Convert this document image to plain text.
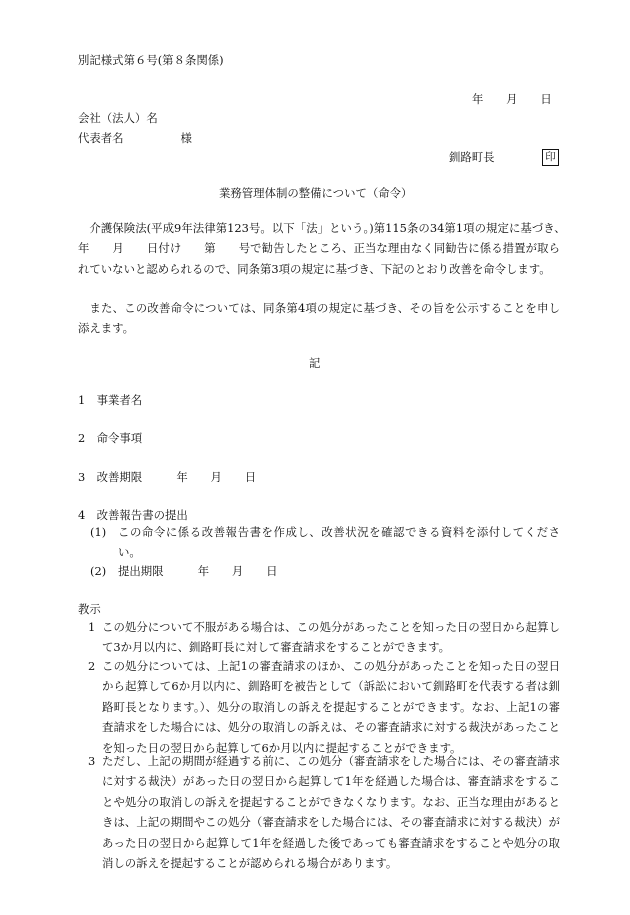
別記様式第６号(第８条関係)
年　　月　　日
会社（法人）名
代表者名　　　　　様
釧路町長	印
業務管理体制の整備について（命令）
介護保険法(平成9年法律第123号。以下「法」という。)第115条の34第1項の規定に基づき、　　年　　月　　日付け　　第　　号で勧告したところ、正当な理由なく同勧告に係る措置が取られていないと認められるので、同条第3項の規定に基づき、下記のとおり改善を命令します。
また、この改善命令については、同条第4項の規定に基づき、その旨を公示することを申し添えます。
記
1　事業者名
2　命令事項
3　改善期限　　　年　　月　　日
4　改善報告書の提出
(1) この命令に係る改善報告書を作成し、改善状況を確認できる資料を添付してください。
(2) 提出期限　　　年　　月　　日
教示
1 この処分について不服がある場合は、この処分があったことを知った日の翌日から起算して3か月以内に、釧路町長に対して審査請求をすることができます。
2 この処分については、上記1の審査請求のほか、この処分があったことを知った日の翌日から起算して6か月以内に、釧路町を被告として（訴訟において釧路町を代表する者は釧路町長となります。）、処分の取消しの訴えを提起することができます。なお、上記1の審査請求をした場合には、処分の取消しの訴えは、その審査請求に対する裁決があったことを知った日の翌日から起算して6か月以内に提起することができます。
3 ただし、上記の期間が経過する前に、この処分（審査請求をした場合には、その審査請求に対する裁決）があった日の翌日から起算して1年を経過した場合は、審査請求をすることや処分の取消しの訴えを提起することができなくなります。なお、正当な理由があるときは、上記の期間やこの処分（審査請求をした場合には、その審査請求に対する裁決）があった日の翌日から起算して1年を経過した後であっても審査請求をすることや処分の取消しの訴えを提起することが認められる場合があります。
